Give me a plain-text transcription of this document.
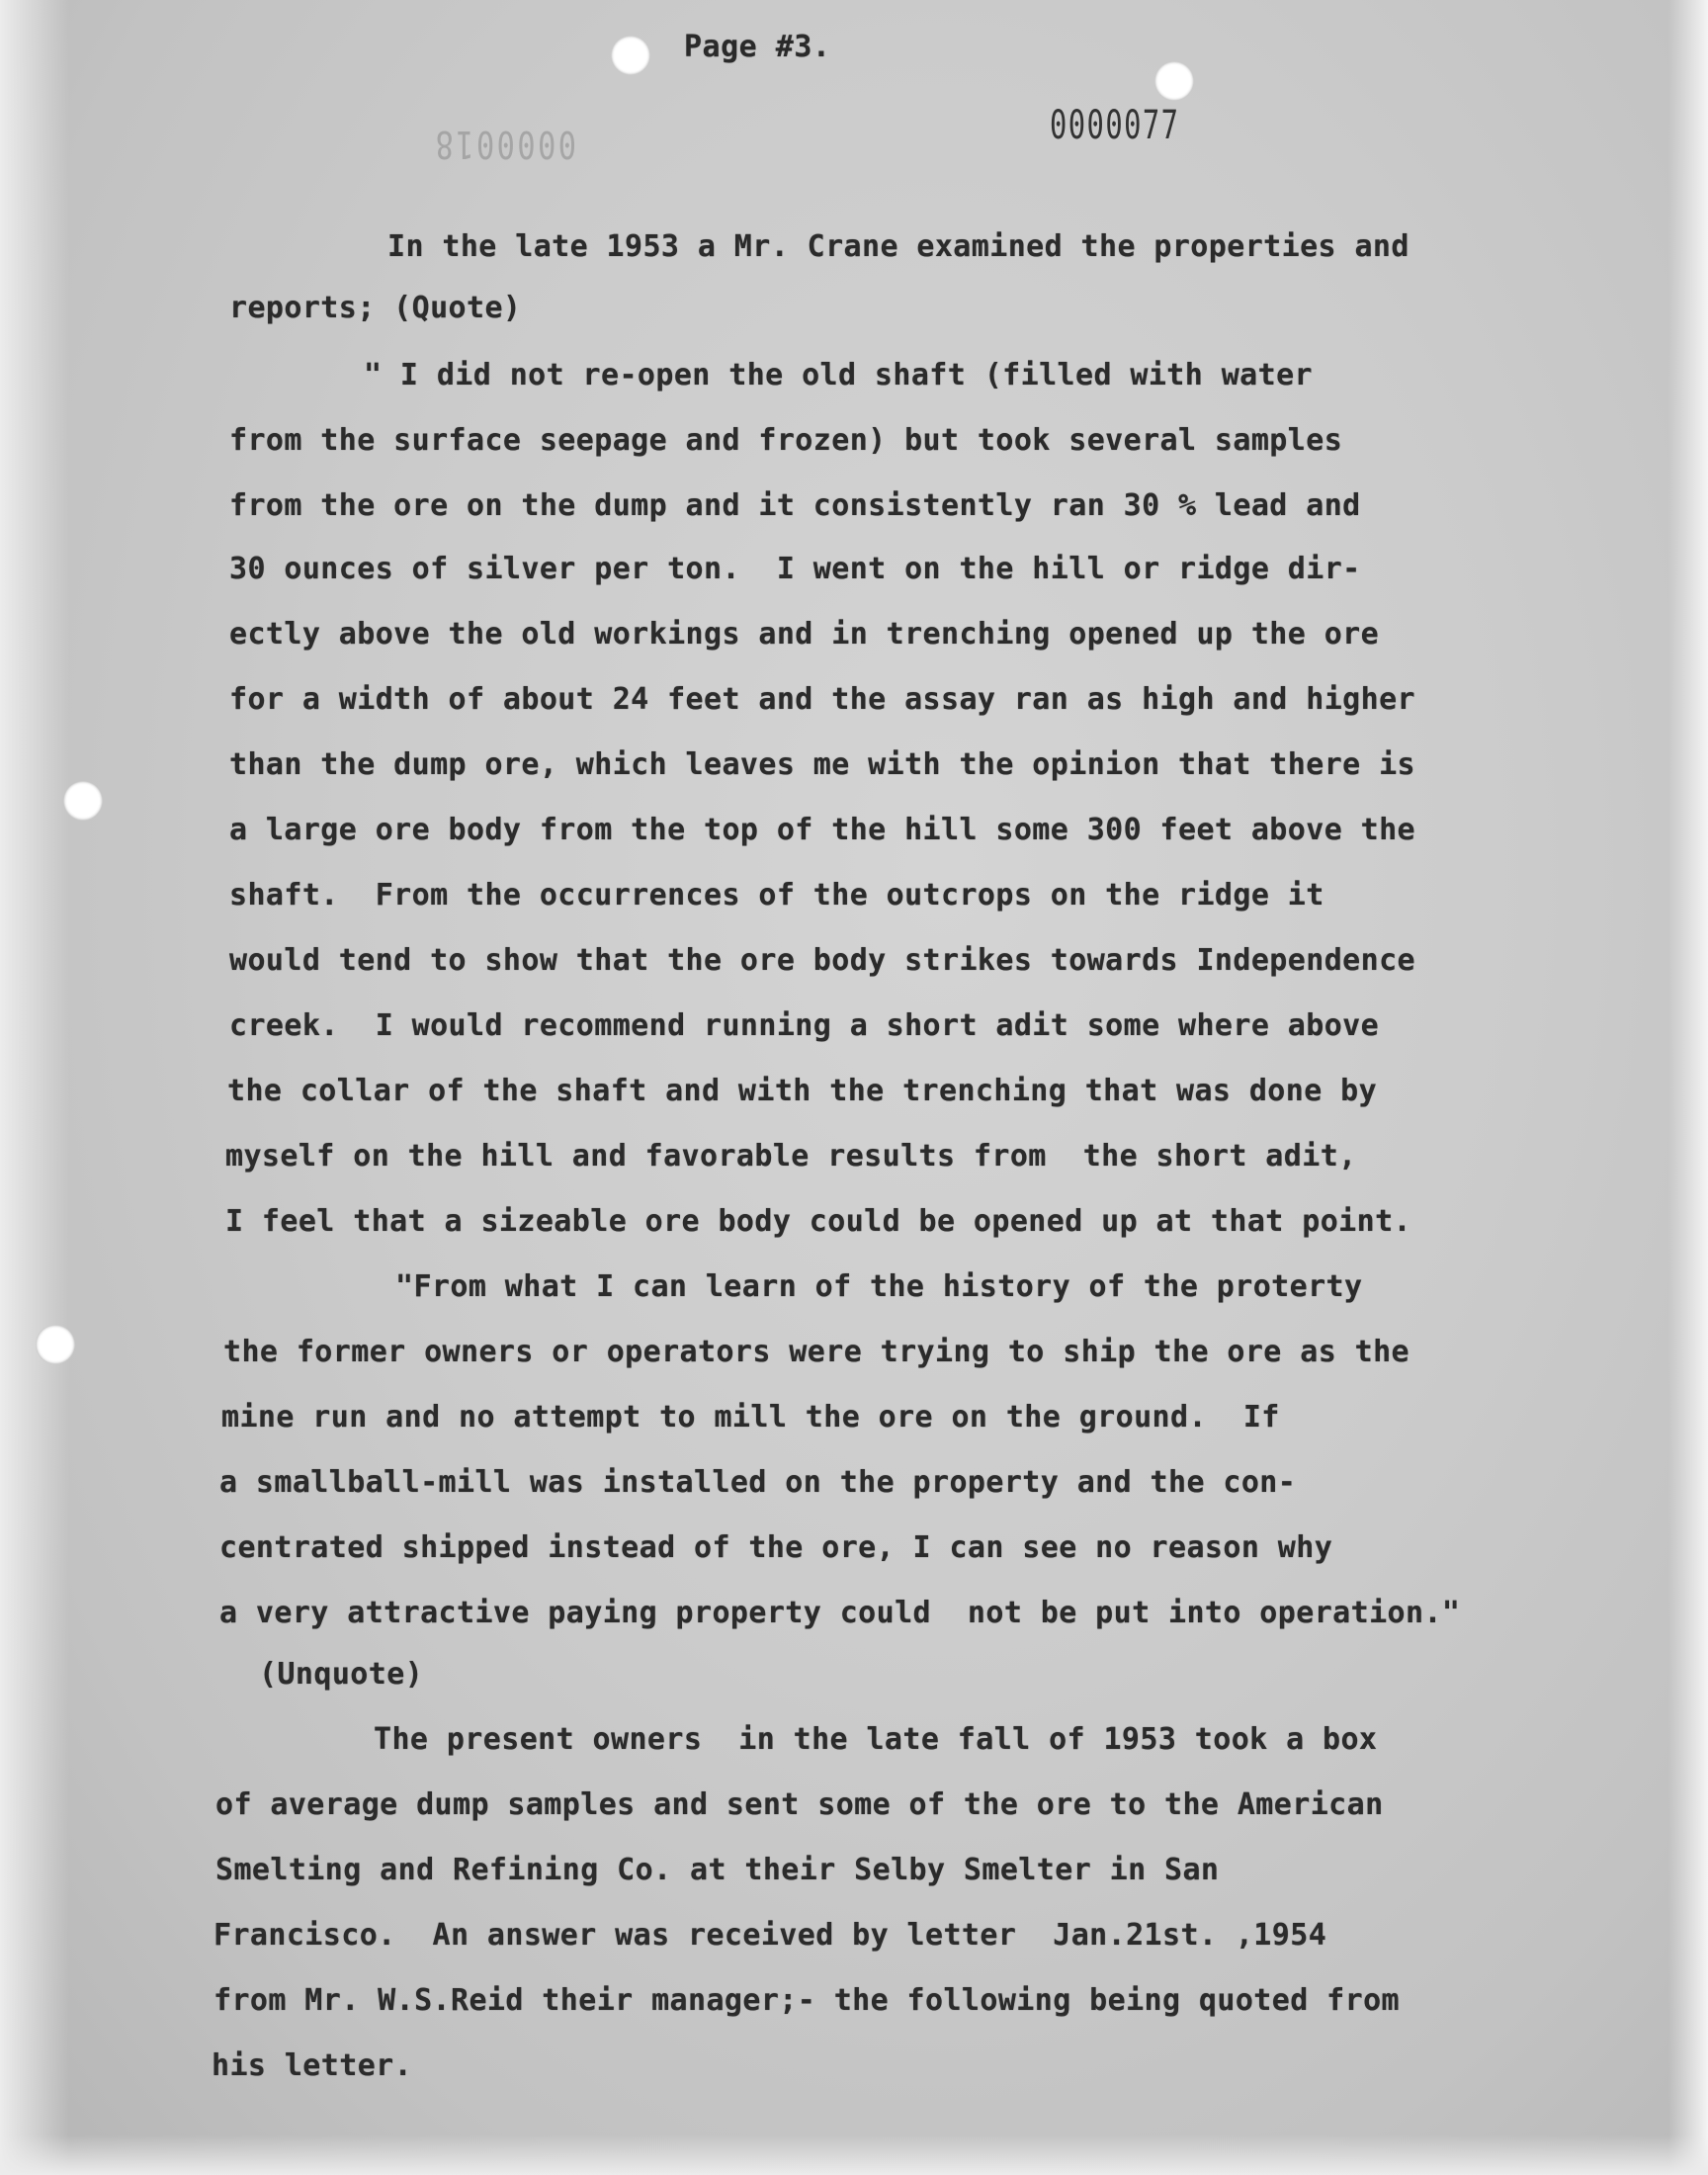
Page #3.
0000077
0000018
In the late 1953 a Mr. Crane examined the properties and
reports; (Quote)
" I did not re-open the old shaft (filled with water
from the surface seepage and frozen) but took several samples
from the ore on the dump and it consistently ran 30 % lead and
30 ounces of silver per ton.  I went on the hill or ridge dir-
ectly above the old workings and in trenching opened up the ore
for a width of about 24 feet and the assay ran as high and higher
than the dump ore, which leaves me with the opinion that there is
a large ore body from the top of the hill some 300 feet above the
shaft.  From the occurrences of the outcrops on the ridge it
would tend to show that the ore body strikes towards Independence
creek.  I would recommend running a short adit some where above
the collar of the shaft and with the trenching that was done by
myself on the hill and favorable results from  the short adit,
I feel that a sizeable ore body could be opened up at that point.
"From what I can learn of the history of the proterty
the former owners or operators were trying to ship the ore as the
mine run and no attempt to mill the ore on the ground.  If
a smallball-mill was installed on the property and the con-
centrated shipped instead of the ore, I can see no reason why
a very attractive paying property could  not be put into operation."
(Unquote)
The present owners  in the late fall of 1953 took a box
of average dump samples and sent some of the ore to the American
Smelting and Refining Co. at their Selby Smelter in San
Francisco.  An answer was received by letter  Jan.21st. ,1954
from Mr. W.S.Reid their manager;- the following being quoted from
his letter.
